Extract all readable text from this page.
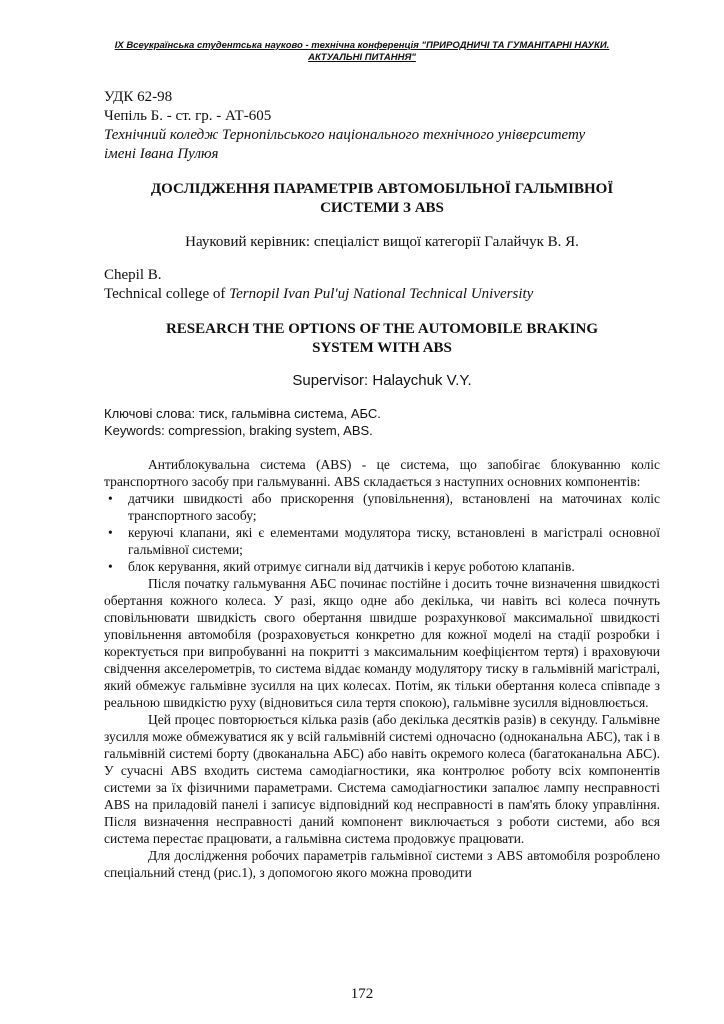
IX Всеукраїнська студентська науково - технічна конференція "ПРИРОДНИЧІ ТА ГУМАНІТАРНІ НАУКИ.
АКТУАЛЬНІ ПИТАННЯ"
УДК 62-98
Чепіль Б. - ст. гр. - АТ-605
Технічний коледж Тернопільського національного технічного університету
імені Івана Пулюя
ДОСЛІДЖЕННЯ ПАРАМЕТРІВ АВТОМОБІЛЬНОЇ ГАЛЬМІВНОЇ
СИСТЕМИ З ABS
Науковий керівник: спеціаліст вищої категорії Галайчук В. Я.
Chepil B.
Technical college of Ternopil Ivan Pul'uj National Technical University
RESEARCH THE OPTIONS OF THE AUTOMOBILE BRAKING
SYSTEM WITH ABS
Supervisor: Halaychuk V.Y.
Ключові слова: тиск, гальмівна система, АБС.
Keywords: compression, braking system, ABS.

Антиблокувальна система (ABS) - це система, що запобігає блокуванню коліс транспортного засобу при гальмуванні. ABS складається з наступних основних компонентів:

• датчики швидкості або прискорення (уповільнення), встановлені на маточинах коліс транспортного засобу;
• керуючі клапани, які є елементами модулятора тиску, встановлені в магістралі основної гальмівної системи;
• блок керування, який отримує сигнали від датчиків і керує роботою клапанів.

Після початку гальмування АБС починає постійне і досить точне визначення швидкості обертання кожного колеса. У разі, якщо одне або декілька, чи навіть всі колеса почнуть сповільнювати швидкість свого обертання швидше розрахункової максимальної швидкості уповільнення автомобіля (розраховується конкретно для кожної моделі на стадії розробки і коректується при випробуванні на покритті з максимальним коефіцієнтом тертя) і враховуючи свідчення акселерометрів, то система віддає команду модулятору тиску в гальмівній магістралі, який обмежує гальмівне зусилля на цих колесах. Потім, як тільки обертання колеса співпаде з реальною швидкістю руху (відновиться сила тертя спокою), гальмівне зусилля відновлюється.

Цей процес повторюється кілька разів (або декілька десятків разів) в секунду. Гальмівне зусилля може обмежуватися як у всій гальмівній системі одночасно (одноканальна АБС), так і в гальмівній системі борту (двоканальна АБС) або навіть окремого колеса (багатоканальна АБС). У сучасні ABS входить система самодіагностики, яка контролює роботу всіх компонентів системи за їх фізичними параметрами. Система самодіагностики запалює лампу несправності ABS на приладовій панелі і записує відповідний код несправності в пам'ять блоку управління. Після визначення несправності даний компонент виключається з роботи системи, або вся система перестає працювати, а гальмівна система продовжує працювати.

Для дослідження робочих параметрів гальмівної системи з ABS автомобіля розроблено спеціальний стенд (рис.1), з допомогою якого можна проводити

172
